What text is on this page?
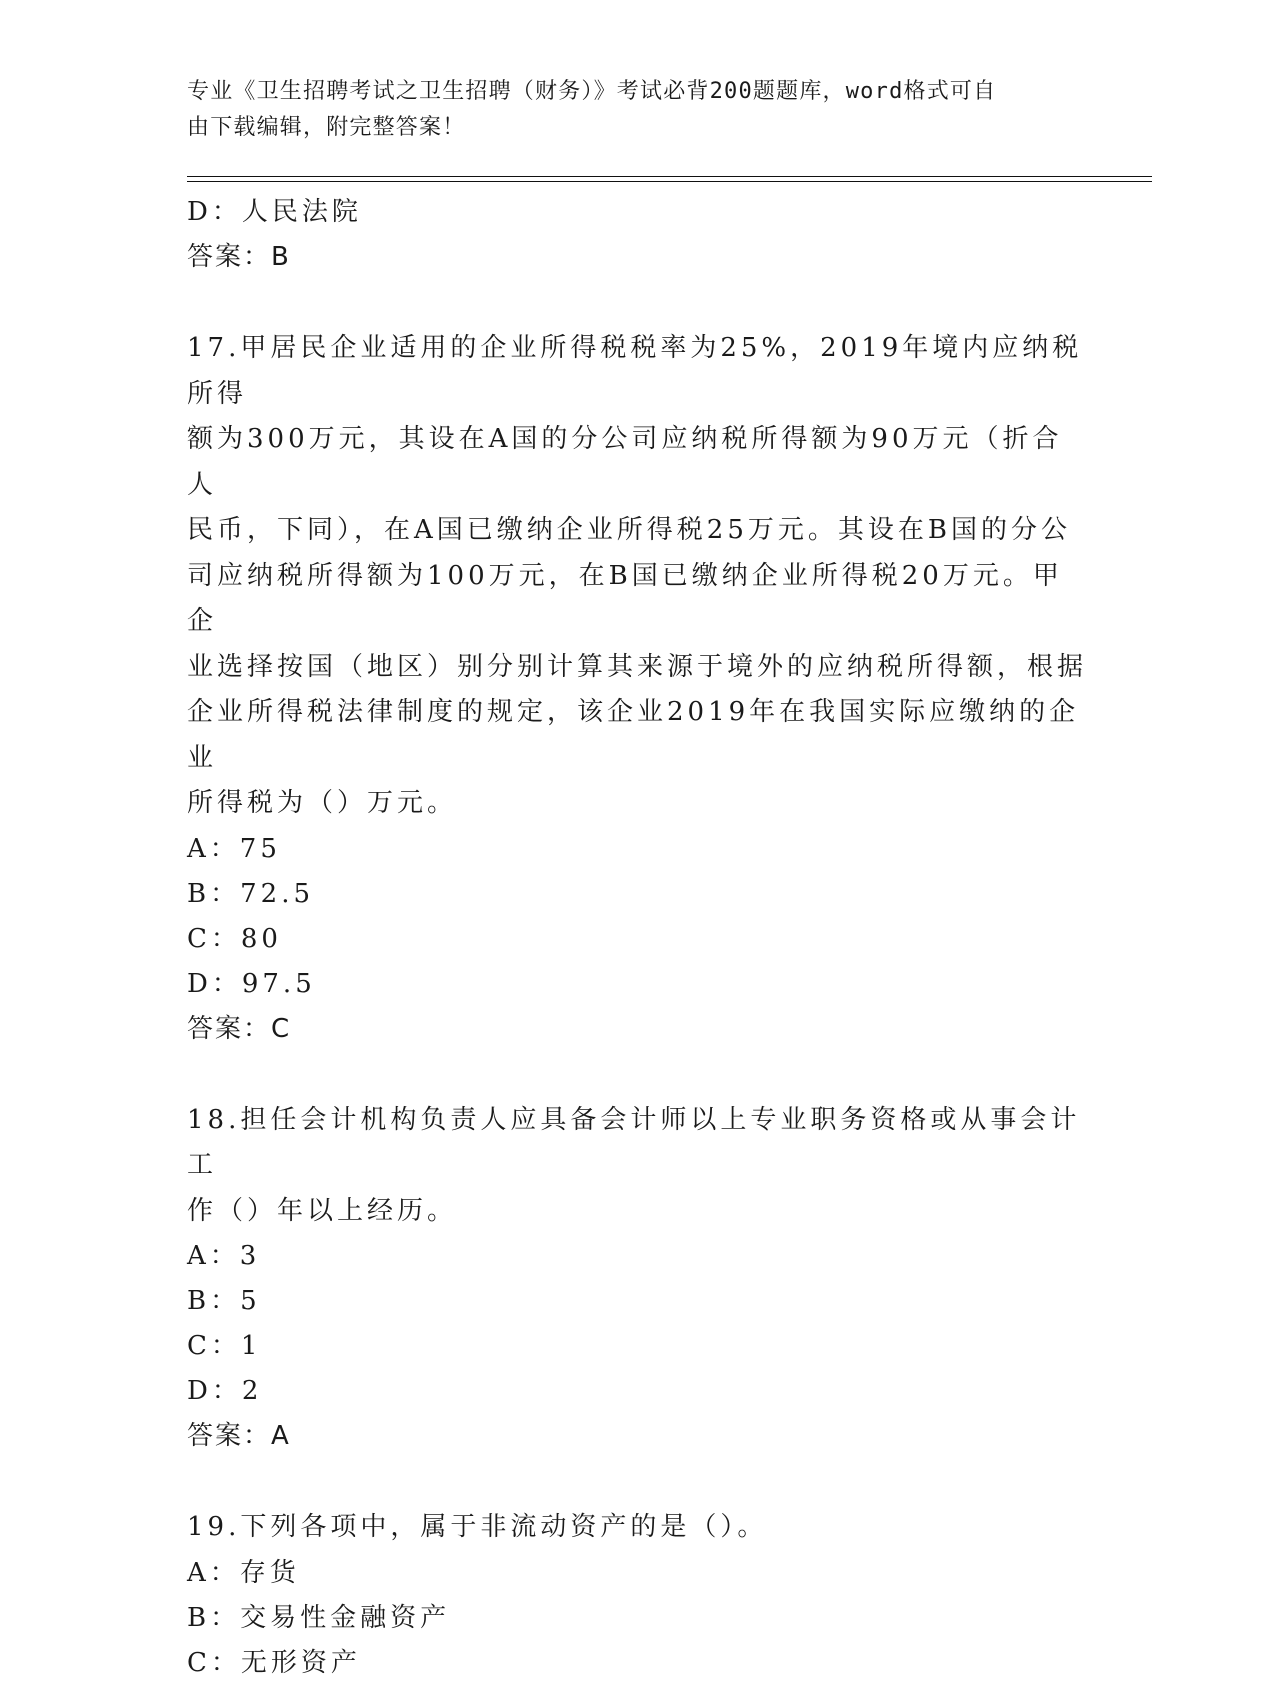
专业《卫生招聘考试之卫生招聘（财务）》考试必背200题题库，word格式可自
由下载编辑，附完整答案！
D：人民法院
答案：B
17.甲居民企业适用的企业所得税税率为25%，2019年境内应纳税所得
额为300万元，其设在A国的分公司应纳税所得额为90万元（折合人
民币，下同），在A国已缴纳企业所得税25万元。其设在B国的分公
司应纳税所得额为100万元，在B国已缴纳企业所得税20万元。甲企
业选择按国（地区）别分别计算其来源于境外的应纳税所得额，根据
企业所得税法律制度的规定，该企业2019年在我国实际应缴纳的企业
所得税为（）万元。
A：75
B：72.5
C：80
D：97.5
答案：C
18.担任会计机构负责人应具备会计师以上专业职务资格或从事会计工
作（）年以上经历。
A：3
B：5
C：1
D：2
答案：A
19.下列各项中，属于非流动资产的是（）。
A：存货
B：交易性金融资产
C：无形资产
